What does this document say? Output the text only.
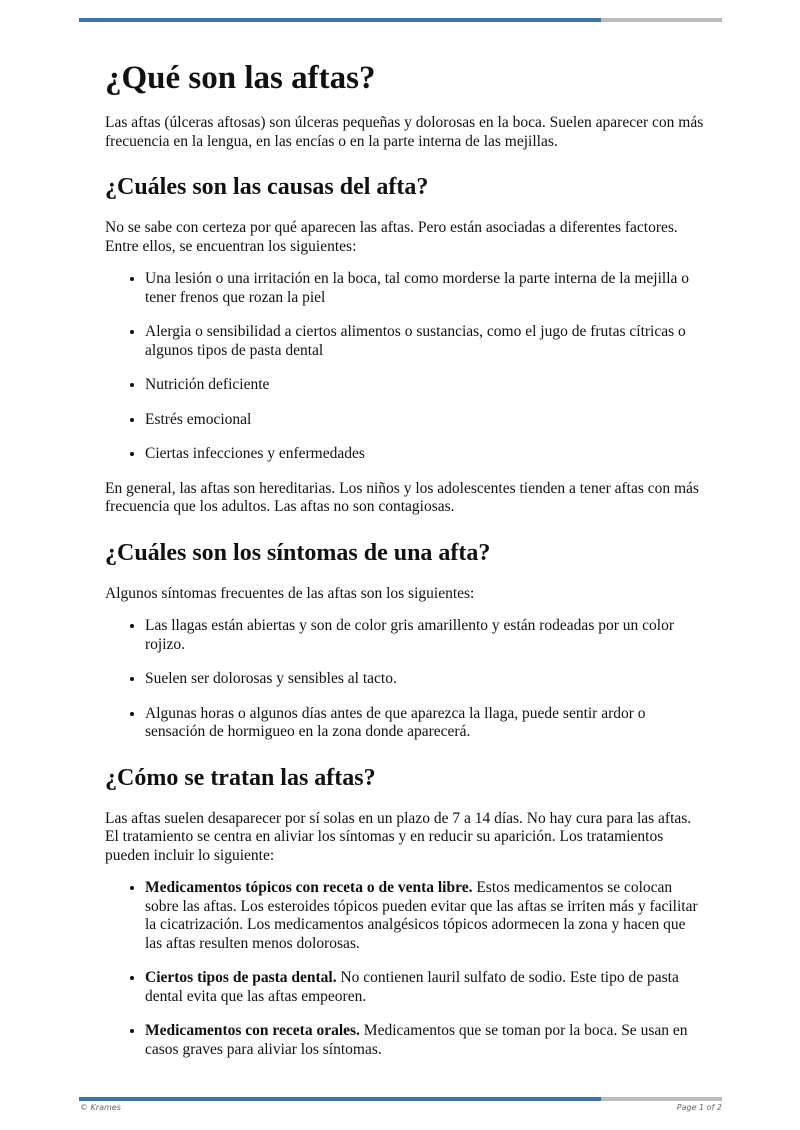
¿Qué son las aftas?

Las aftas (úlceras aftosas) son úlceras pequeñas y dolorosas en la boca. Suelen aparecer con más frecuencia en la lengua, en las encías o en la parte interna de las mejillas.

¿Cuáles son las causas del afta?

No se sabe con certeza por qué aparecen las aftas. Pero están asociadas a diferentes factores. Entre ellos, se encuentran los siguientes:

• Una lesión o una irritación en la boca, tal como morderse la parte interna de la mejilla o tener frenos que rozan la piel
• Alergia o sensibilidad a ciertos alimentos o sustancias, como el jugo de frutas cítricas o algunos tipos de pasta dental
• Nutrición deficiente
• Estrés emocional
• Ciertas infecciones y enfermedades

En general, las aftas son hereditarias. Los niños y los adolescentes tienden a tener aftas con más frecuencia que los adultos. Las aftas no son contagiosas.

¿Cuáles son los síntomas de una afta?

Algunos síntomas frecuentes de las aftas son los siguientes:

• Las llagas están abiertas y son de color gris amarillento y están rodeadas por un color rojizo.
• Suelen ser dolorosas y sensibles al tacto.
• Algunas horas o algunos días antes de que aparezca la llaga, puede sentir ardor o sensación de hormigueo en la zona donde aparecerá.
¿Cómo se tratan las aftas?

Las aftas suelen desaparecer por sí solas en un plazo de 7 a 14 días. No hay cura para las aftas. El tratamiento se centra en aliviar los síntomas y en reducir su aparición. Los tratamientos pueden incluir lo siguiente:

• Medicamentos tópicos con receta o de venta libre. Estos medicamentos se colocan sobre las aftas. Los esteroides tópicos pueden evitar que las aftas se irriten más y facilitar la cicatrización. Los medicamentos analgésicos tópicos adormecen la zona y hacen que las aftas resulten menos dolorosas.
• Ciertos tipos de pasta dental. No contienen lauril sulfato de sodio. Este tipo de pasta dental evita que las aftas empeoren.
• Medicamentos con receta orales. Medicamentos que se toman por la boca. Se usan en casos graves para aliviar los síntomas.
© Krames	Page 1 of 2
